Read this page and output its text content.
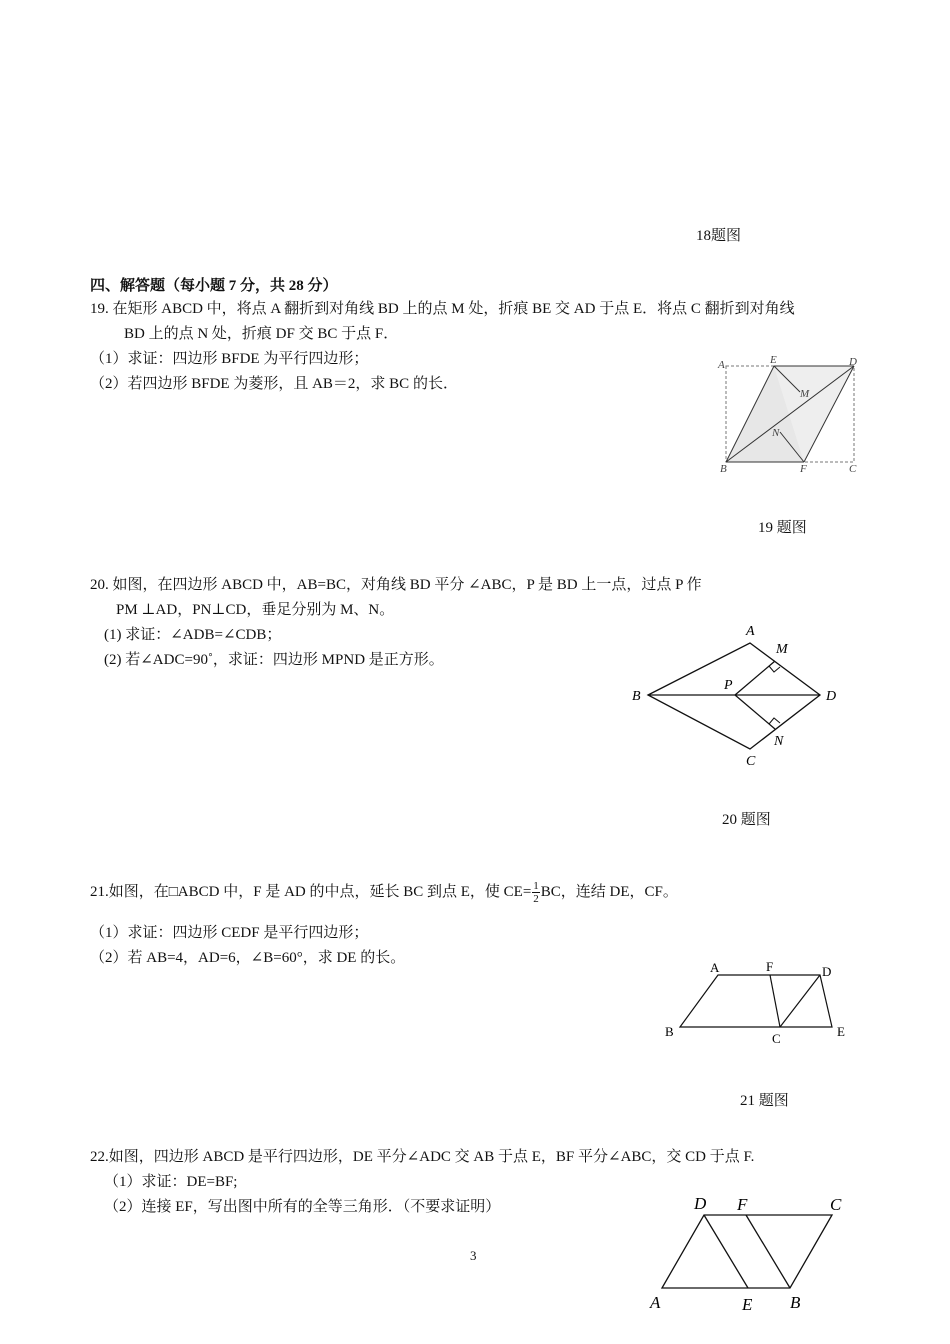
18题图
四、解答题（每小题 7 分，共 28 分）
19. 在矩形 ABCD 中，将点 A 翻折到对角线 BD 上的点 M 处，折痕 BE 交 AD 于点 E．将点 C 翻折到对角线
BD 上的点 N 处，折痕 DF 交 BC 于点 F．
（1）求证：四边形 BFDE 为平行四边形；
（2）若四边形 BFDE 为菱形，且 AB＝2，求 BC 的长．
A	E	D
M
N
B	F	C
19 题图
20. 如图，在四边形 ABCD 中，AB=BC，对角线 BD 平分 ∠ABC，P 是 BD 上一点，过点 P 作
PM ⊥AD，PN⊥CD，垂足分别为 M、N。
(1) 求证：∠ADB=∠CDB；
(2) 若∠ADC=90˚，求证：四边形 MPND 是正方形。
A
M
B
P
D
N
C
20 题图
21.如图，在□ABCD 中，F 是 AD 的中点，延长 BC 到点 E，使 $CE= \frac{1}{2}$ BC，连结 DE，CF。
（1）求证：四边形 CEDF 是平行四边形；
（2）若 AB=4，AD=6，∠B=60°，求 DE 的长。
A	F	D
B	C	E
21 题图
22.如图，四边形 ABCD 是平行四边形，DE 平分∠ADC 交 AB 于点 E，BF 平分∠ABC，交 CD 于点 F.
（1）求证：DE=BF;
（2）连接 EF，写出图中所有的全等三角形．（不要求证明）	D F	C
A	E B
3
